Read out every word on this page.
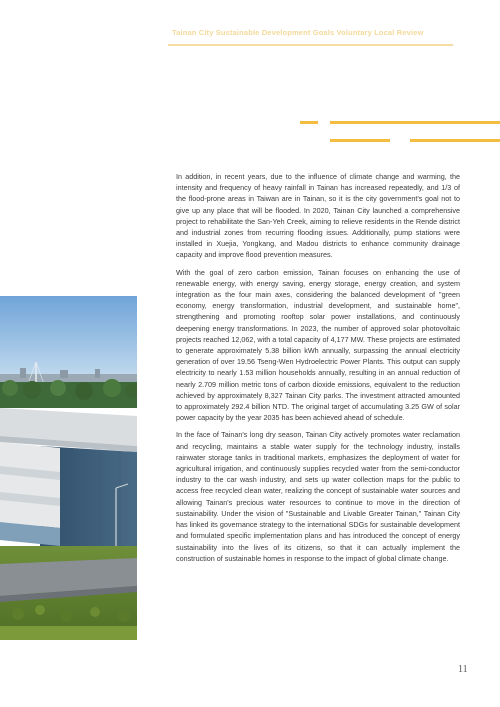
Tainan City Sustainable Development Goals Voluntary Local Review

In addition, in recent years, due to the influence of climate change and warming, the intensity and frequency of heavy rainfall in Tainan has increased repeatedly, and 1/3 of the flood-prone areas in Taiwan are in Tainan, so it is the city government's goal not to give up any place that will be flooded. In 2020, Tainan City launched a comprehensive project to rehabilitate the San-Yeh Creek, aiming to relieve residents in the Rende district and industrial zones from recurring flooding issues. Additionally, pump stations were installed in Xuejia, Yongkang, and Madou districts to enhance community drainage capacity and improve flood prevention measures.

With the goal of zero carbon emission, Tainan focuses on enhancing the use of renewable energy, with energy saving, energy storage, energy creation, and system integration as the four main axes, considering the balanced development of "green economy, energy transformation, industrial development, and sustainable home", strengthening and promoting rooftop solar power installations, and continuously deepening energy transformations. In 2023, the number of approved solar photovoltaic projects reached 12,062, with a total capacity of 4,177 MW. These projects are estimated to generate approximately 5.38 billion kWh annually, surpassing the annual electricity generation of over 19.56 Tseng-Wen Hydroelectric Power Plants. This output can supply electricity to nearly 1.53 million households annually, resulting in an annual reduction of nearly 2.709 million metric tons of carbon dioxide emissions, equivalent to the reduction achieved by approximately 8,327 Tainan City parks. The investment attracted amounted to approximately 292.4 billion NTD. The original target of accumulating 3.25 GW of solar power capacity by the year 2035 has been achieved ahead of schedule.

In the face of Tainan's long dry season, Tainan City actively promotes water reclamation and recycling, maintains a stable water supply for the technology industry, installs rainwater storage tanks in traditional markets, emphasizes the deployment of water for agricultural irrigation, and continuously supplies recycled water from the semi-conductor industry to the car wash industry, and sets up water collection maps for the public to access free recycled clean water, realizing the concept of sustainable water sources and allowing Tainan's precious water resources to continue to move in the direction of sustainability. Under the vision of "Sustainable and Livable Greater Tainan," Tainan City has linked its governance strategy to the international SDGs for sustainable development and formulated specific implementation plans and has introduced the concept of energy sustainability into the lives of its citizens, so that it can actually implement the construction of sustainable homes in response to the impact of global climate change.

11
